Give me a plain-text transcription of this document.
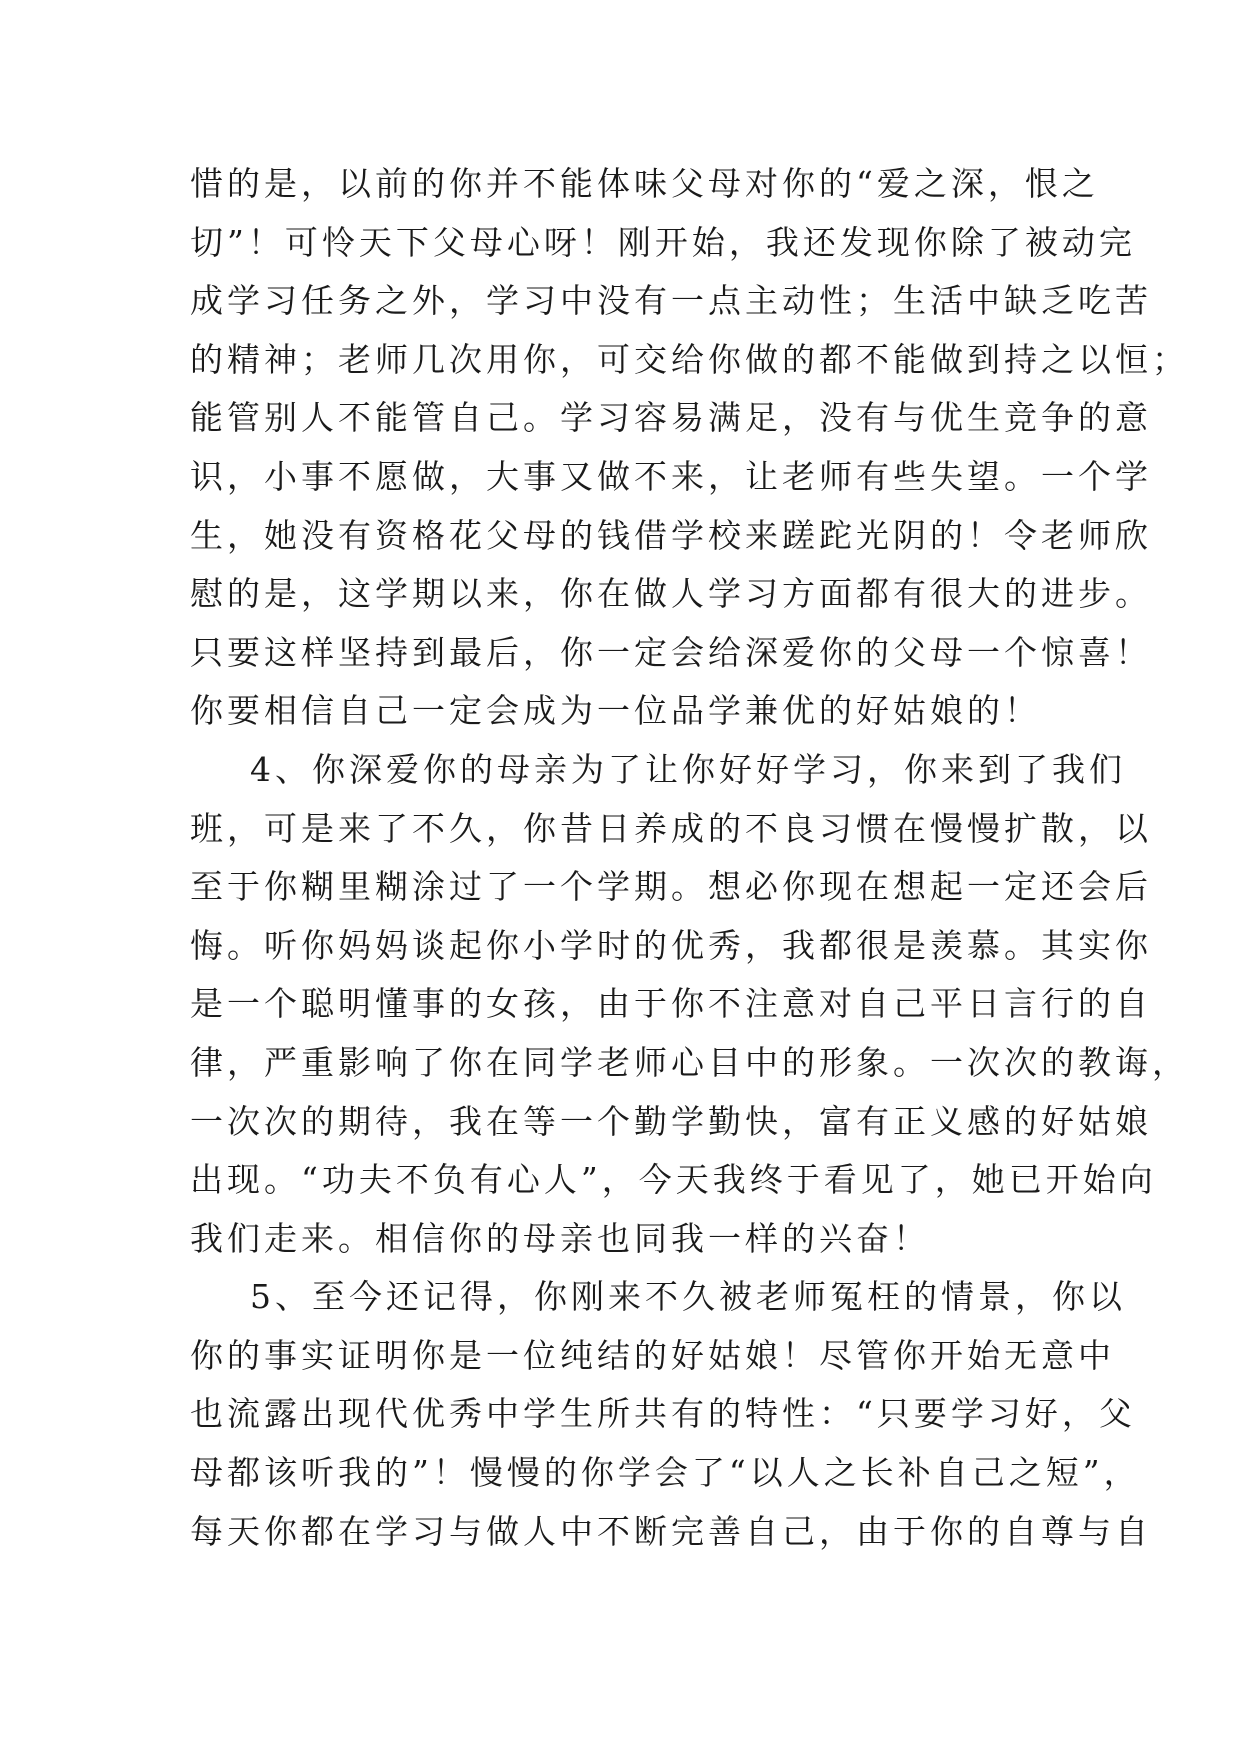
惜的是，以前的你并不能体味父母对你的“爱之深，恨之
切”！可怜天下父母心呀！刚开始，我还发现你除了被动完
成学习任务之外，学习中没有一点主动性；生活中缺乏吃苦
的精神；老师几次用你，可交给你做的都不能做到持之以恒；
能管别人不能管自己。学习容易满足，没有与优生竞争的意
识，小事不愿做，大事又做不来，让老师有些失望。一个学
生，她没有资格花父母的钱借学校来蹉跎光阴的！令老师欣
慰的是，这学期以来，你在做人学习方面都有很大的进步。
只要这样坚持到最后，你一定会给深爱你的父母一个惊喜！
你要相信自己一定会成为一位品学兼优的好姑娘的！
4、你深爱你的母亲为了让你好好学习，你来到了我们
班，可是来了不久，你昔日养成的不良习惯在慢慢扩散，以
至于你糊里糊涂过了一个学期。想必你现在想起一定还会后
悔。听你妈妈谈起你小学时的优秀，我都很是羡慕。其实你
是一个聪明懂事的女孩，由于你不注意对自己平日言行的自
律，严重影响了你在同学老师心目中的形象。一次次的教诲，
一次次的期待，我在等一个勤学勤快，富有正义感的好姑娘
出现。“功夫不负有心人”，今天我终于看见了，她已开始向
我们走来。相信你的母亲也同我一样的兴奋！
5、至今还记得，你刚来不久被老师冤枉的情景，你以
你的事实证明你是一位纯结的好姑娘！尽管你开始无意中
也流露出现代优秀中学生所共有的特性：“只要学习好，父
母都该听我的”！慢慢的你学会了“以人之长补自己之短”，
每天你都在学习与做人中不断完善自己，由于你的自尊与自
